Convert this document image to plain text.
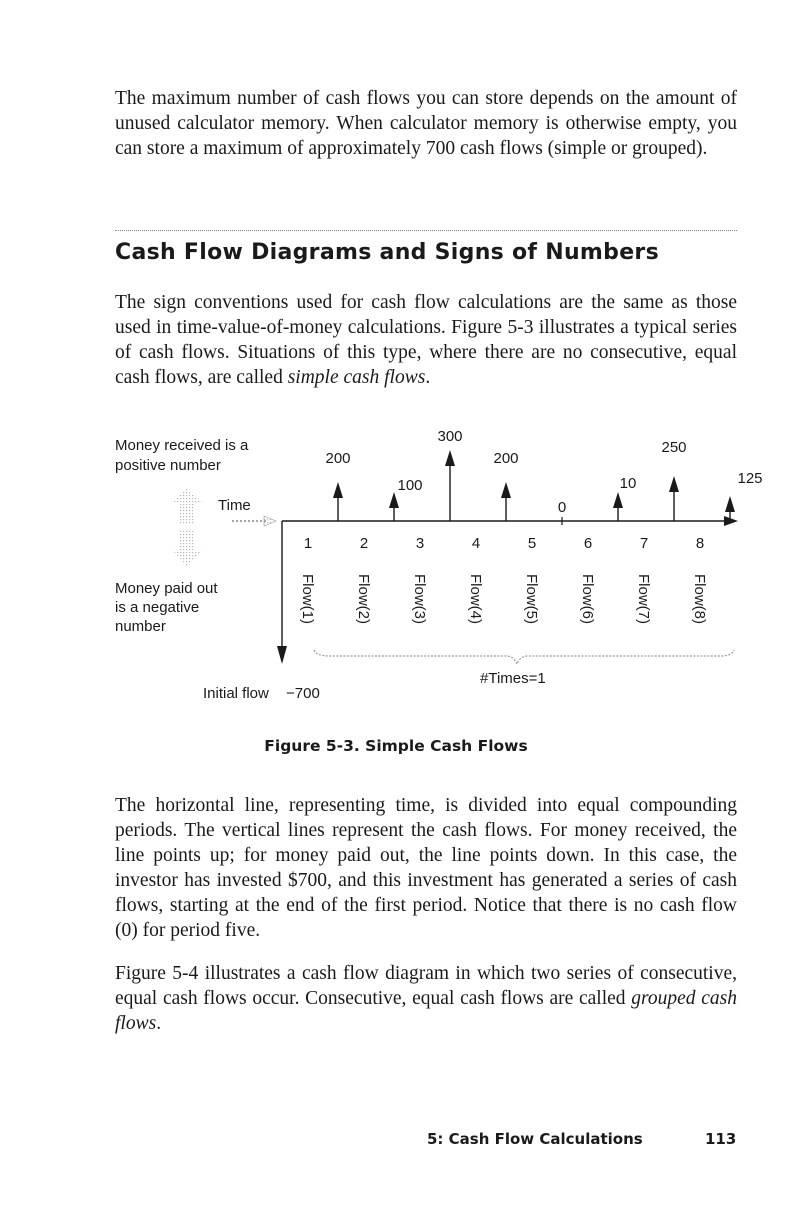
The maximum number of cash flows you can store depends on the amount of unused calculator memory. When calculator memory is otherwise empty, you can store a maximum of approximately 700 cash flows (simple or grouped).

Cash Flow Diagrams and Signs of Numbers

The sign conventions used for cash flow calculations are the same as those used in time-value-of-money calculations. Figure 5-3 illustrates a typical series of cash flows. Situations of this type, where there are no consecutive, equal cash flows, are called simple cash flows.

Money received is a
positive number
Time
Money paid out
is a negative
number
Initial flow −700
200
1
Flow(1)
100
2
Flow(2)
300
3
Flow(3)
200
4
Flow(4)
0
5
Flow(5)
10
6
Flow(6)
250
7
Flow(7)
125
8
Flow(8)
#Times=1

Figure 5-3. Simple Cash Flows

The horizontal line, representing time, is divided into equal compounding periods. The vertical lines represent the cash flows. For money received, the line points up; for money paid out, the line points down. In this case, the investor has invested $700, and this investment has generated a series of cash flows, starting at the end of the first period. Notice that there is no cash flow (0) for period five.

Figure 5-4 illustrates a cash flow diagram in which two series of consecutive, equal cash flows occur. Consecutive, equal cash flows are called grouped cash flows.

5: Cash Flow Calculations	113
